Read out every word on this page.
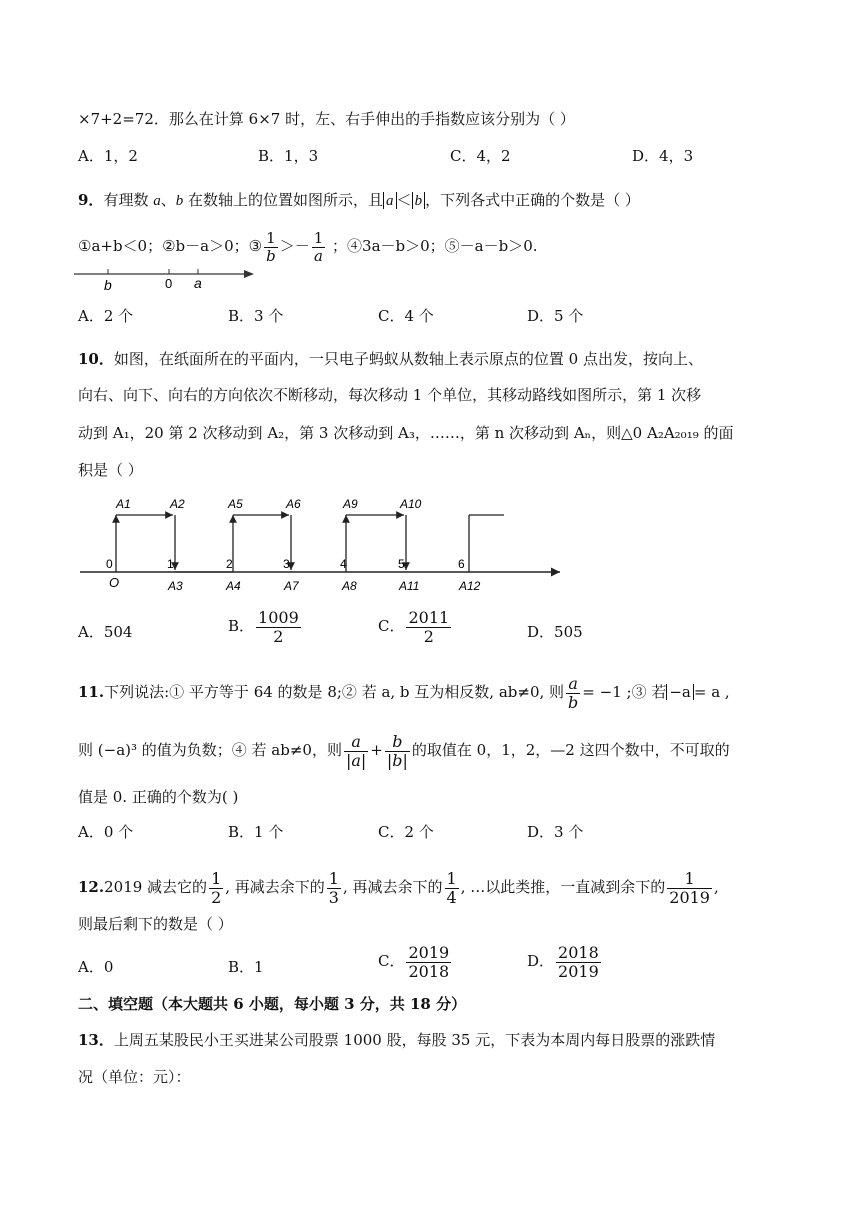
×7+2=72．那么在计算 6×7 时，左、右手伸出的手指数应该分别为（ ）
A．1，2	B．1，3	C．4，2	D．4，3
9．有理数 a、b 在数轴上的位置如图所示，且 a ＜ b ，下列各式中正确的个数是（ ）
①a+b＜0；②b－a＞0；③ $\frac{1}{b} >- \frac{1}{a}$ ；④3a－b＞0；⑤－a－b＞0.
b	0 a
A．2 个	B．3 个	C．4 个	D．5 个
10．如图，在纸面所在的平面内，一只电子蚂蚁从数轴上表示原点的位置 0 点出发，按向上、
向右、向下、向右的方向依次不断移动，每次移动 1 个单位，其移动路线如图所示，第 1 次移
动到 A₁，20 第 2 次移动到 A₂，第 3 次移动到 A₃，……，第 n 次移动到 Aₙ，则△0 A₂A₂₀₁₉ 的面
积是（ ）
A1	A2	A5	A6	A9	A10
A3	A4	A7	A8	A11	A12
O
0	1	2	3	4	5	6
A．504	B． $\frac{1009}{2}$	C． $\frac{2011}{2}$	D．505
11.下列说法:① 平方等于 64 的数是 8;② 若 a, b 互为相反数, ab≠0, 则 $\frac{a}{b} = -1$ ;③ 若 −a = a ,
则 (−a)³ 的值为负数；④ 若 ab≠0，则 $\frac{a}{|a|} + \frac{b}{|b|}$ 的取值在 0，1，2，—2 这四个数中，不可取的
值是 0. 正确的个数为( )
A．0 个	B．1 个	C．2 个	D．3 个
12.2019 减去它的 $\frac{1}{2}$ , 再减去余下的 $\frac{1}{3}$ , 再减去余下的 $\frac{1}{4}$ , …以此类推，一直减到余下的 $\frac{1}{2019}$ ,
则最后剩下的数是（ ）
A．0	B．1	C． $\frac{2019}{2018}$	D． $\frac{2018}{2019}$
二、填空题（本大题共 6 小题，每小题 3 分，共 18 分）
13．上周五某股民小王买进某公司股票 1000 股，每股 35 元，下表为本周内每日股票的涨跌情
况（单位：元）：
